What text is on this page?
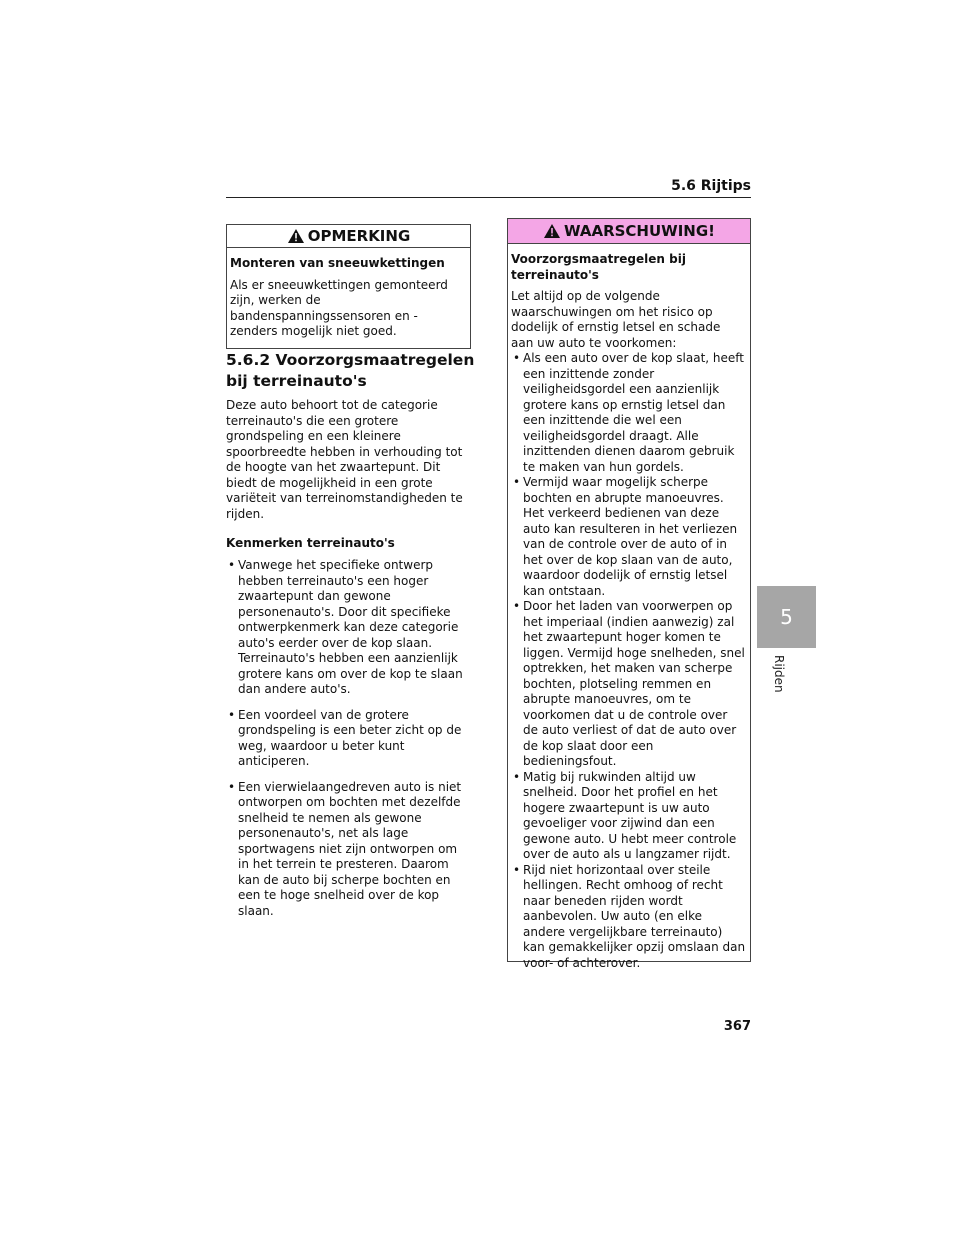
5.6 Rijtips
5
Rijden
OPMERKING

Monteren van sneeuwkettingen

Als er sneeuwkettingen gemonteerd zijn, werken de bandenspanningssensoren en -zenders mogelijk niet goed.

5.6.2 Voorzorgsmaatregelen bij terreinauto's

Deze auto behoort tot de categorie terreinauto's die een grotere grondspeling en een kleinere spoorbreedte hebben in verhouding tot de hoogte van het zwaartepunt. Dit biedt de mogelijkheid in een grote variëteit van terreinomstandigheden te rijden.

Kenmerken terreinauto's
• Vanwege het specifieke ontwerp hebben terreinauto's een hoger zwaartepunt dan gewone personenauto's. Door dit specifieke ontwerpkenmerk kan deze categorie auto's eerder over de kop slaan. Terreinauto's hebben een aanzienlijk grotere kans om over de kop te slaan dan andere auto's.
• Een voordeel van de grotere grondspeling is een beter zicht op de weg, waardoor u beter kunt anticiperen.
• Een vierwielaangedreven auto is niet ontworpen om bochten met dezelfde snelheid te nemen als gewone personenauto's, net als lage sportwagens niet zijn ontworpen om in het terrein te presteren. Daarom kan de auto bij scherpe bochten en een te hoge snelheid over de kop slaan.
WAARSCHUWING!

Voorzorgsmaatregelen bij terreinauto's

Let altijd op de volgende waarschuwingen om het risico op dodelijk of ernstig letsel en schade aan uw auto te voorkomen:

• Als een auto over de kop slaat, heeft een inzittende zonder veiligheidsgordel een aanzienlijk grotere kans op ernstig letsel dan een inzittende die wel een veiligheidsgordel draagt. Alle inzittenden dienen daarom gebruik te maken van hun gordels.
• Vermijd waar mogelijk scherpe bochten en abrupte manoeuvres. Het verkeerd bedienen van deze auto kan resulteren in het verliezen van de controle over de auto of in het over de kop slaan van de auto, waardoor dodelijk of ernstig letsel kan ontstaan.
• Door het laden van voorwerpen op het imperiaal (indien aanwezig) zal het zwaartepunt hoger komen te liggen. Vermijd hoge snelheden, snel optrekken, het maken van scherpe bochten, plotseling remmen en abrupte manoeuvres, om te voorkomen dat u de controle over de auto verliest of dat de auto over de kop slaat door een bedieningsfout.
• Matig bij rukwinden altijd uw snelheid. Door het profiel en het hogere zwaartepunt is uw auto gevoeliger voor zijwind dan een gewone auto. U hebt meer controle over de auto als u langzamer rijdt.
• Rijd niet horizontaal over steile hellingen. Recht omhoog of recht naar beneden rijden wordt aanbevolen. Uw auto (en elke andere vergelijkbare terreinauto) kan gemakkelijker opzij omslaan dan voor- of achterover.
367
